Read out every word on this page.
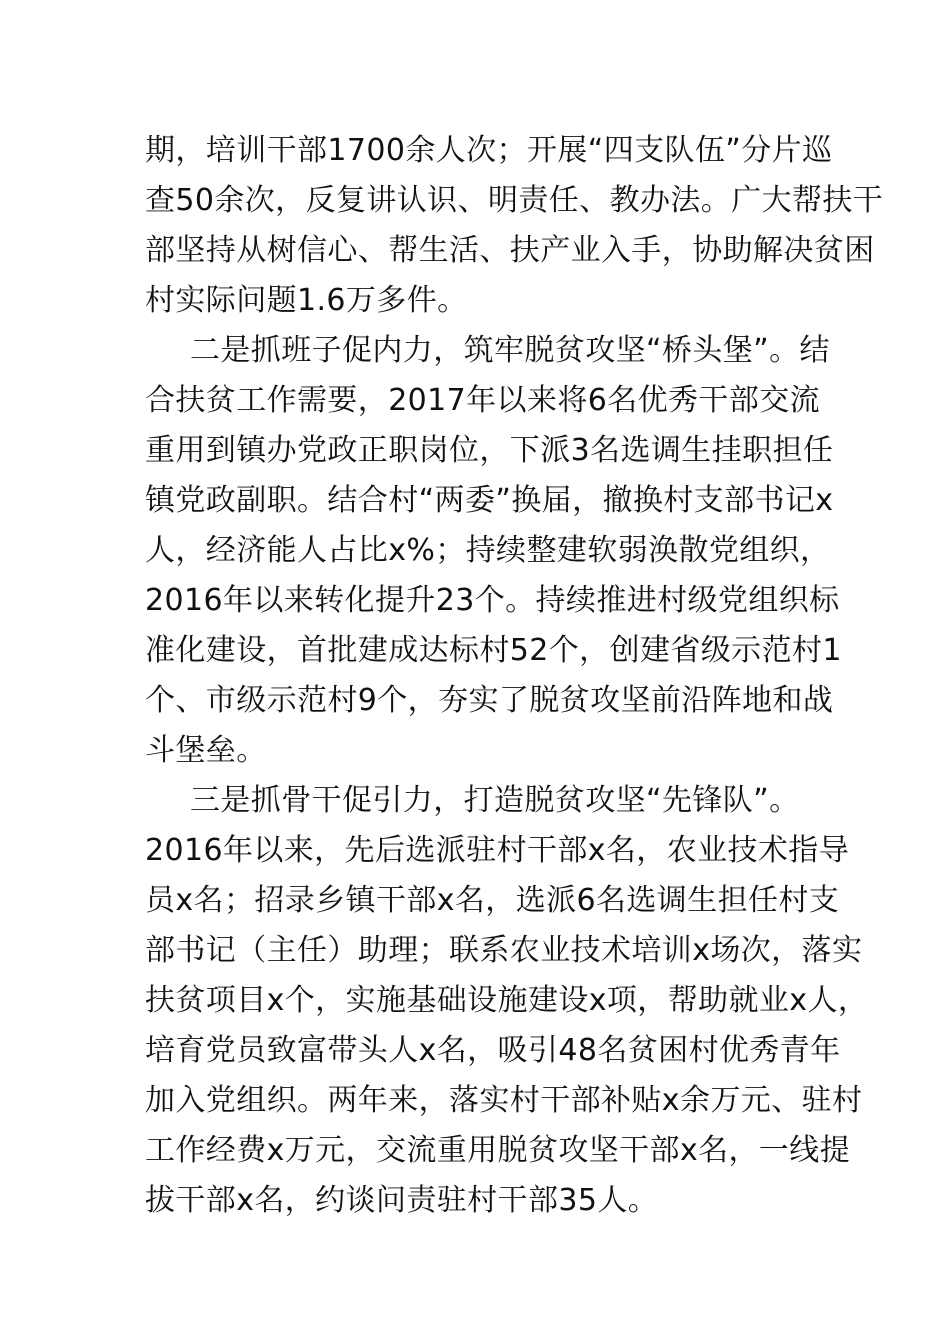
期，培训干部1700余人次；开展“四支队伍”分片巡
查50余次，反复讲认识、明责任、教办法。广大帮扶干
部坚持从树信心、帮生活、扶产业入手，协助解决贫困
村实际问题1.6万多件。
二是抓班子促内力，筑牢脱贫攻坚“桥头堡”。结
合扶贫工作需要，2017年以来将6名优秀干部交流
重用到镇办党政正职岗位，下派3名选调生挂职担任
镇党政副职。结合村“两委”换届，撤换村支部书记x
人，经济能人占比x%；持续整建软弱涣散党组织，
2016年以来转化提升23个。持续推进村级党组织标
准化建设，首批建成达标村52个，创建省级示范村1
个、市级示范村9个，夯实了脱贫攻坚前沿阵地和战
斗堡垒。
三是抓骨干促引力，打造脱贫攻坚“先锋队”。
2016年以来，先后选派驻村干部x名，农业技术指导
员x名；招录乡镇干部x名，选派6名选调生担任村支
部书记（主任）助理；联系农业技术培训x场次，落实
扶贫项目x个，实施基础设施建设x项，帮助就业x人，
培育党员致富带头人x名，吸引48名贫困村优秀青年
加入党组织。两年来，落实村干部补贴x余万元、驻村
工作经费x万元，交流重用脱贫攻坚干部x名，一线提
拔干部x名，约谈问责驻村干部35人。
